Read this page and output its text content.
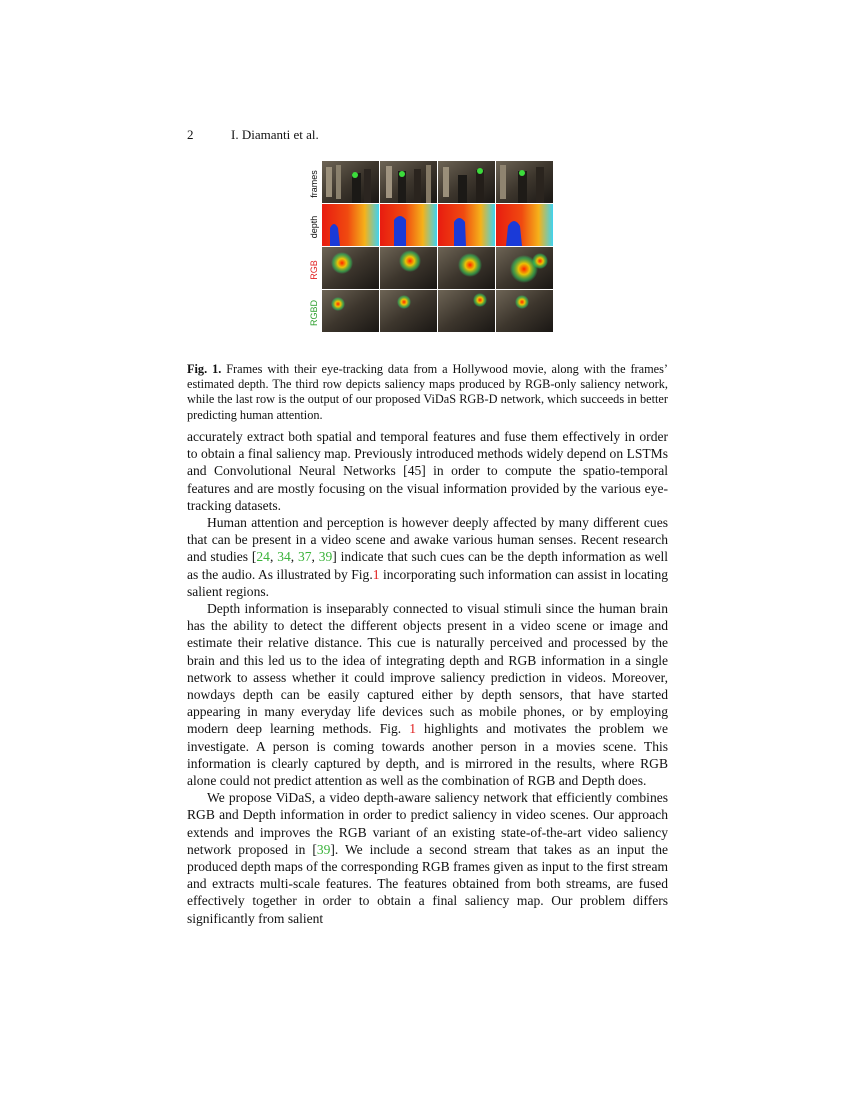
2	I. Diamanti et al.
frames
depth
RGB
RGBD
Fig. 1. Frames with their eye-tracking data from a Hollywood movie, along with the frames’ estimated depth. The third row depicts saliency maps produced by RGB-only saliency network, while the last row is the output of our proposed ViDaS RGB-D network, which succeeds in better predicting human attention.

accurately extract both spatial and temporal features and fuse them effectively in order to obtain a final saliency map. Previously introduced methods widely depend on LSTMs and Convolutional Neural Networks [45] in order to compute the spatio-temporal features and are mostly focusing on the visual information provided by the various eye-tracking datasets.

Human attention and perception is however deeply affected by many different cues that can be present in a video scene and awake various human senses. Recent research and studies [24, 34, 37, 39] indicate that such cues can be the depth information as well as the audio. As illustrated by Fig.1 incorporating such information can assist in locating salient regions.

Depth information is inseparably connected to visual stimuli since the human brain has the ability to detect the different objects present in a video scene or image and estimate their relative distance. This cue is naturally perceived and processed by the brain and this led us to the idea of integrating depth and RGB information in a single network to assess whether it could improve saliency prediction in videos. Moreover, nowdays depth can be easily captured either by depth sensors, that have started appearing in many everyday life devices such as mobile phones, or by employing modern deep learning methods. Fig. 1 highlights and motivates the problem we investigate. A person is coming towards another person in a movies scene. This information is clearly captured by depth, and is mirrored in the results, where RGB alone could not predict attention as well as the combination of RGB and Depth does.

We propose ViDaS, a video depth-aware saliency network that efficiently combines RGB and Depth information in order to predict saliency in video scenes. Our approach extends and improves the RGB variant of an existing state-of-the-art video saliency network proposed in [39]. We include a second stream that takes as an input the produced depth maps of the corresponding RGB frames given as input to the first stream and extracts multi-scale features. The features obtained from both streams, are fused effectively together in order to obtain a final saliency map. Our problem differs significantly from salient
